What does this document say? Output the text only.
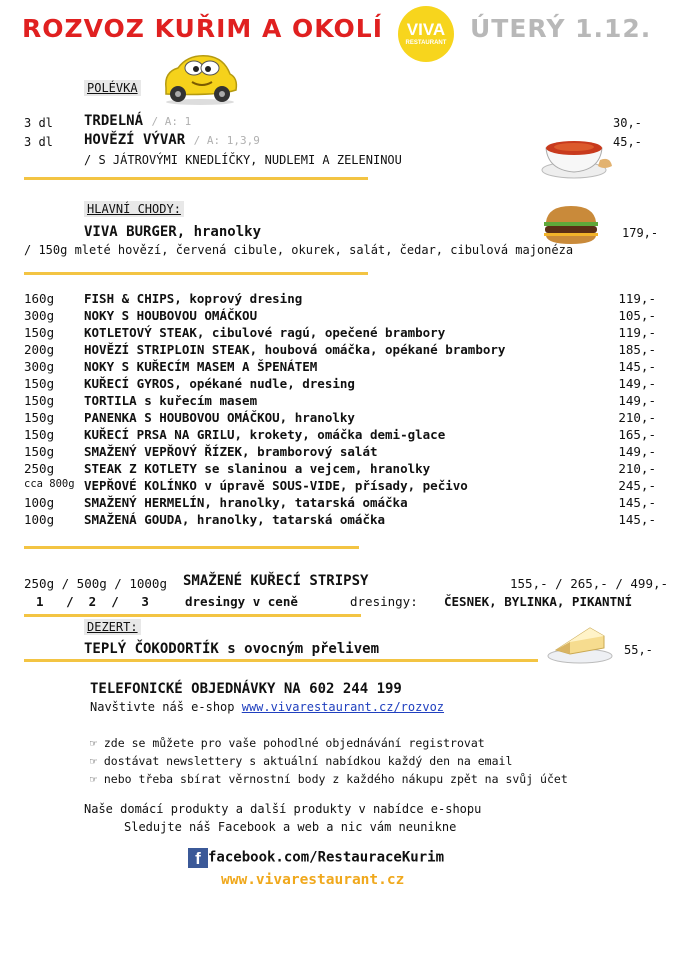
ROZVOZ KUŘIM A OKOLÍ	VIVA
RESTAURANT ÚTERÝ 1.12.
POLÉVKA
3 dl TRDELNÁ / A: 1	30,-
3 dl HOVĚZÍ VÝVAR / A: 1,3,9	45,-
/ S JÁTROVÝMI KNEDLÍČKY, NUDLEMI A ZELENINOU
HLAVNÍ CHODY:
VIVA BURGER, hranolky	179,-
/ 150g mleté hovězí, červená cibule, okurek, salát, čedar, cibulová majonéza
160g FISH & CHIPS, koprový dresing	119,-
300g NOKY S HOUBOVOU OMÁČKOU	105,-
150g KOTLETOVÝ STEAK, cibulové ragú, opečené brambory	119,-
200g HOVĚZÍ STRIPLOIN STEAK, houbová omáčka, opékané brambory	185,-
300g NOKY S KUŘECÍM MASEM A ŠPENÁTEM	145,-
150g KUŘECÍ GYROS, opékané nudle, dresing	149,-
150g TORTILA s kuřecím masem	149,-
150g PANENKA S HOUBOVOU OMÁČKOU, hranolky	210,-
150g KUŘECÍ PRSA NA GRILU, krokety, omáčka demi-glace	165,-
150g SMAŽENÝ VEPŘOVÝ ŘÍZEK, bramborový salát	149,-
250g STEAK Z KOTLETY se slaninou a vejcem, hranolky	210,-
cca 800g VEPŘOVÉ KOLÍNKO v úpravě SOUS-VIDE, přísady, pečivo	245,-
100g SMAŽENÝ HERMELÍN, hranolky, tatarská omáčka	145,-
100g SMAŽENÁ GOUDA, hranolky, tatarská omáčka	145,-
250g / 500g / 1000g SMAŽENÉ KUŘECÍ STRIPSY	155,- / 265,- / 499,-
1   /  2  /   3	dresingy v ceně	dresingy: ČESNEK, BYLINKA, PIKANTNÍ
DEZERT:
TEPLÝ ČOKODORTÍK s ovocným přelivem	55,-
TELEFONICKÉ OBJEDNÁVKY NA 602 244 199
Navštivte náš e-shop www.vivarestaurant.cz/rozvoz
☞ zde se můžete pro vaše pohodlné objednávání registrovat
☞ dostávat newslettery s aktuální nabídkou každý den na email
☞ nebo třeba sbírat věrnostní body z každého nákupu zpět na svůj účet
Naše domácí produkty a další produkty v nabídce e-shopu
Sledujte náš Facebook a web a nic vám neunikne
f facebook.com/RestauraceKurim
www.vivarestaurant.cz
